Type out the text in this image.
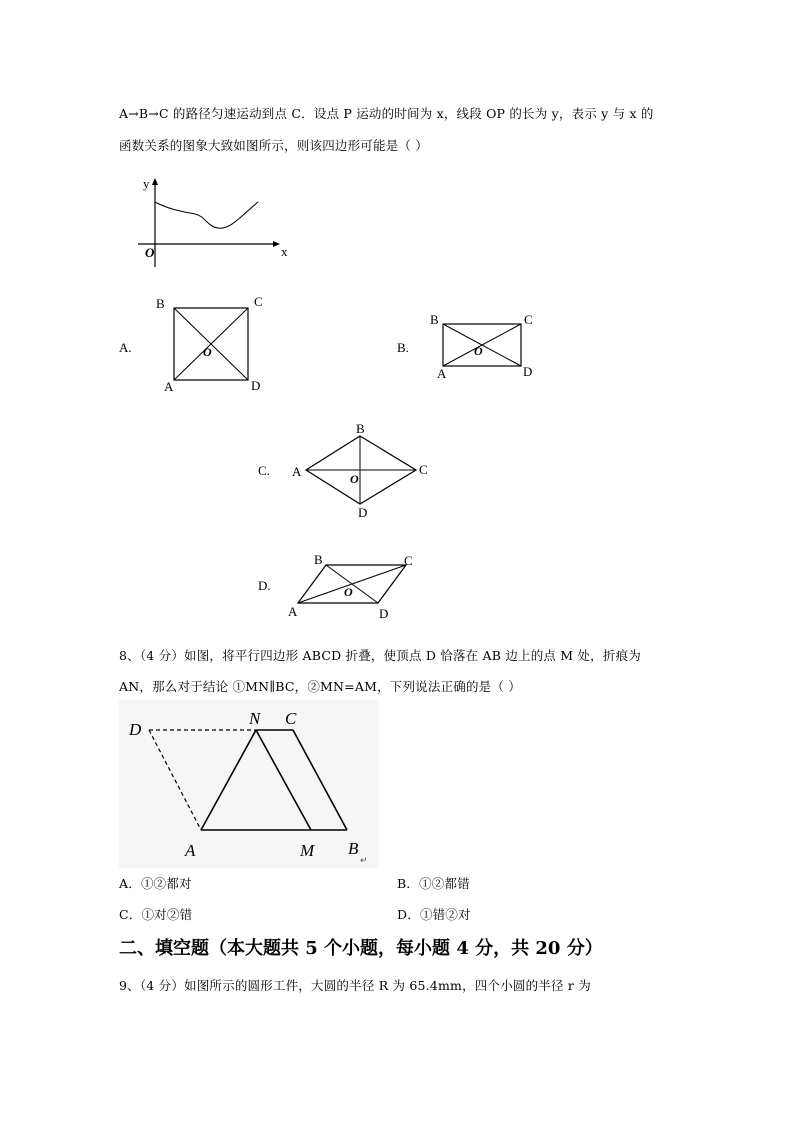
A→B→C 的路径匀速运动到点 C．设点 P 运动的时间为 x，线段 OP 的长为 y，表示 y 与 x 的
函数关系的图象大致如图所示，则该四边形可能是（ ）
y
x
O
A.
B	C
A	D
O	B.
B	C
A	D
O
C.
B
A	C
D
O
D.
B	C
A	D
O
8、（4 分）如图，将平行四边形 ABCD 折叠，使顶点 D 恰落在 AB 边上的点 M 处，折痕为
AN，那么对于结论 ①MN∥BC，②MN=AM，下列说法正确的是（ ）
D
N C
A	M B
↵
A．①②都对	B．①②都错
C．①对②错	D．①错②对
二、填空题（本大题共 5 个小题，每小题 4 分，共 20 分）
9、（4 分）如图所示的圆形工件，大圆的半径 R 为 65.4mm，四个小圆的半径 r 为
